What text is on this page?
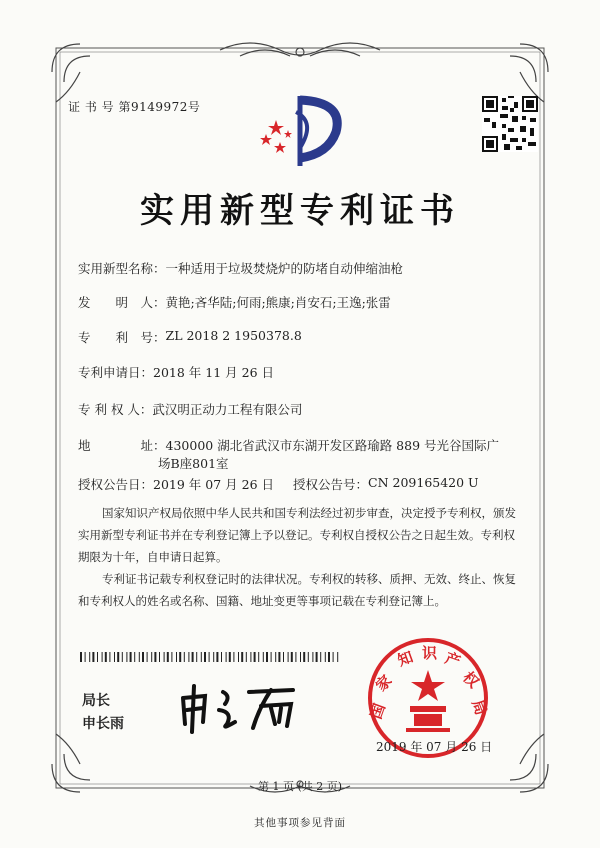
证 书 号 第9149972号
实用新型专利证书
实用新型名称： 一种适用于垃圾焚烧炉的防堵自动伸缩油枪
发　　明　人： 黄艳;吝华陆;何雨;熊康;肖安石;王逸;张雷
专　　利　号： ZL 2018 2 1950378.8
专利申请日： 2018 年 11 月 26 日
专 利 权 人： 武汉明正动力工程有限公司
地　　　　址： 430000 湖北省武汉市东湖开发区路瑜路 889 号光谷国际广
场B座801室
授权公告日： 2019 年 07 月 26 日	授权公告号： CN 209165420 U
国家知识产权局依照中华人民共和国专利法经过初步审查，决定授予专利权，颁发实用新型专利证书并在专利登记簿上予以登记。专利权自授权公告之日起生效。专利权期限为十年，自申请日起算。
专利证书记载专利权登记时的法律状况。专利权的转移、质押、无效、终止、恢复和专利权人的姓名或名称、国籍、地址变更等事项记载在专利登记簿上。
局长
申长雨
国
家
知 识 产
权
局
2019 年 07 月 26 日
第 1 页 (共 2 页)
其他事项参见背面
